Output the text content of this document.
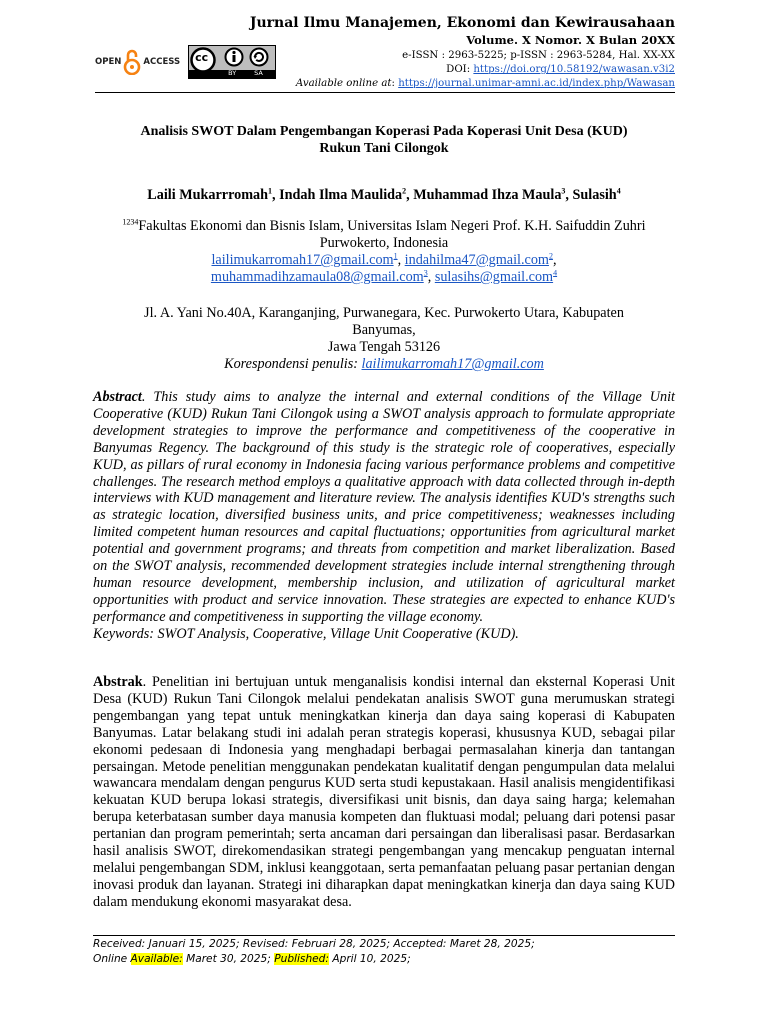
OPEN	ACCESS cc
BY	SA
Jurnal Ilmu Manajemen, Ekonomi dan Kewirausahaan
Volume. X Nomor. X Bulan 20XX
e-ISSN : 2963-5225; p-ISSN : 2963-5284, Hal. XX-XX
DOI: https://doi.org/10.58192/wawasan.v3i2
Available online at: https://journal.unimar-amni.ac.id/index.php/Wawasan
Analisis SWOT Dalam Pengembangan Koperasi Pada Koperasi Unit Desa (KUD)
Rukun Tani Cilongok
Laili Mukarrromah$^1$, Indah Ilma Maulida$^2$, Muhammad Ihza Maula$^3$, Sulasih$^4$
$^{1234}$Fakultas Ekonomi dan Bisnis Islam, Universitas Islam Negeri Prof. K.H. Saifuddin Zuhri
Purwokerto, Indonesia
lailimukarromah17@gmail.com$^1$, indahilma47@gmail.com$^2$,
muhammadihzamaula08@gmail.com$^3$, sulasihs@gmail.com$^4$
Jl. A. Yani No.40A, Karanganjing, Purwanegara, Kec. Purwokerto Utara, Kabupaten
Banyumas,
Jawa Tengah 53126
Korespondensi penulis: lailimukarromah17@gmail.com
Abstract. This study aims to analyze the internal and external conditions of the Village Unit Cooperative (KUD) Rukun Tani Cilongok using a SWOT analysis approach to formulate appropriate development strategies to improve the performance and competitiveness of the cooperative in Banyumas Regency. The background of this study is the strategic role of cooperatives, especially KUD, as pillars of rural economy in Indonesia facing various performance problems and competitive challenges. The research method employs a qualitative approach with data collected through in-depth interviews with KUD management and literature review. The analysis identifies KUD's strengths such as strategic location, diversified business units, and price competitiveness; weaknesses including limited competent human resources and capital fluctuations; opportunities from agricultural market potential and government programs; and threats from competition and market liberalization. Based on the SWOT analysis, recommended development strategies include internal strengthening through human resource development, membership inclusion, and utilization of agricultural market opportunities with product and service innovation. These strategies are expected to enhance KUD's performance and competitiveness in supporting the village economy.
Keywords: SWOT Analysis, Cooperative, Village Unit Cooperative (KUD).
Abstrak. Penelitian ini bertujuan untuk menganalisis kondisi internal dan eksternal Koperasi Unit Desa (KUD) Rukun Tani Cilongok melalui pendekatan analisis SWOT guna merumuskan strategi pengembangan yang tepat untuk meningkatkan kinerja dan daya saing koperasi di Kabupaten Banyumas. Latar belakang studi ini adalah peran strategis koperasi, khususnya KUD, sebagai pilar ekonomi pedesaan di Indonesia yang menghadapi berbagai permasalahan kinerja dan tantangan persaingan. Metode penelitian menggunakan pendekatan kualitatif dengan pengumpulan data melalui wawancara mendalam dengan pengurus KUD serta studi kepustakaan. Hasil analisis mengidentifikasi kekuatan KUD berupa lokasi strategis, diversifikasi unit bisnis, dan daya saing harga; kelemahan berupa keterbatasan sumber daya manusia kompeten dan fluktuasi modal; peluang dari potensi pasar pertanian dan program pemerintah; serta ancaman dari persaingan dan liberalisasi pasar. Berdasarkan hasil analisis SWOT, direkomendasikan strategi pengembangan yang mencakup penguatan internal melalui pengembangan SDM, inklusi keanggotaan, serta pemanfaatan peluang pasar pertanian dengan inovasi produk dan layanan. Strategi ini diharapkan dapat meningkatkan kinerja dan daya saing KUD dalam mendukung ekonomi masyarakat desa.
Received: Januari 15, 2025; Revised: Februari 28, 2025; Accepted: Maret 28, 2025;
Online Available: Maret 30, 2025; Published: April 10, 2025;
